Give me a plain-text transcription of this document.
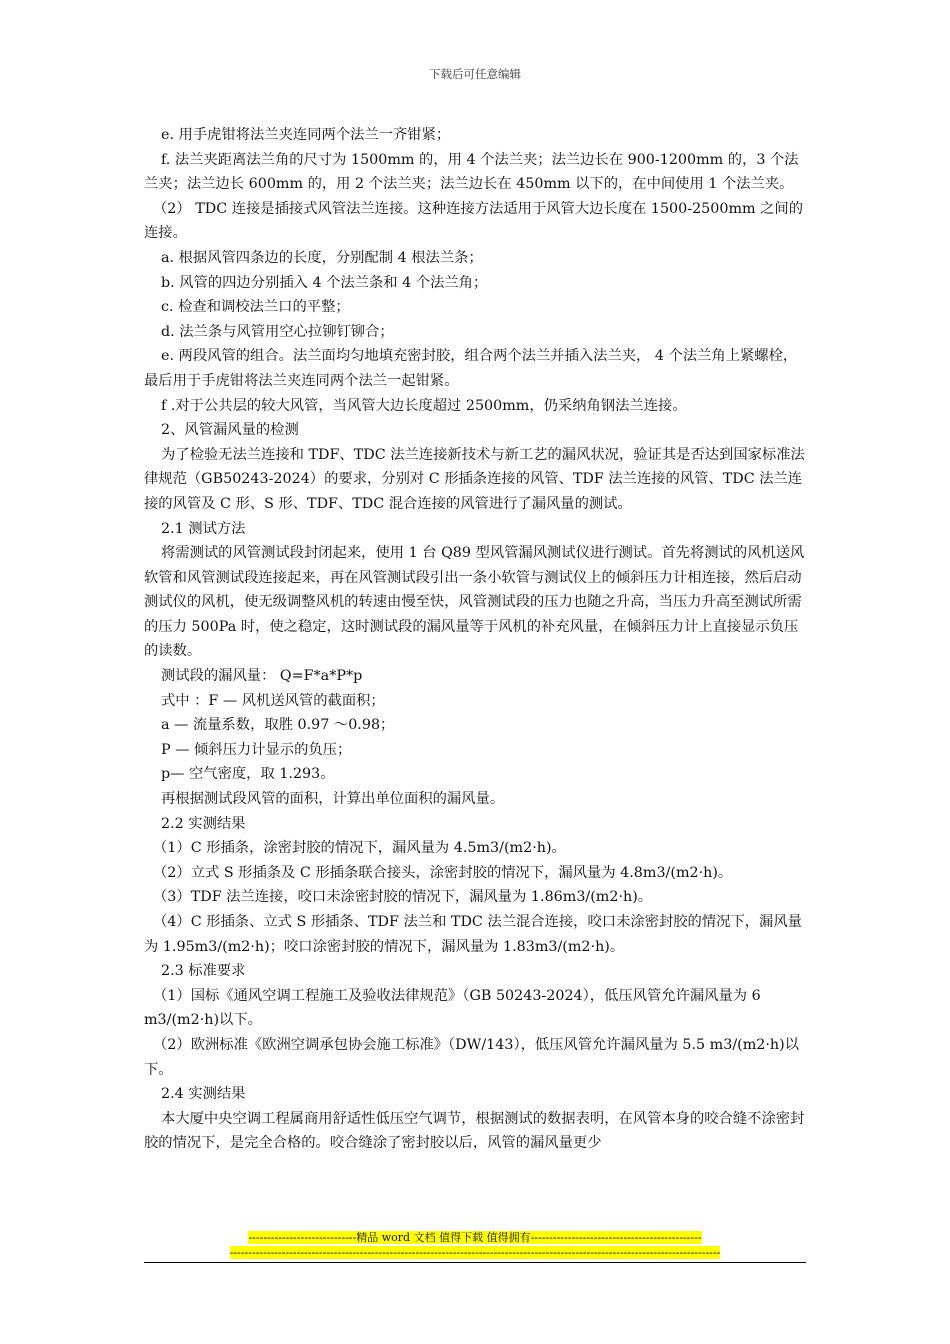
下载后可任意编辑

e. 用手虎钳将法兰夹连同两个法兰一齐钳紧；

f. 法兰夹距离法兰角的尺寸为 1500mm 的，用 4 个法兰夹；法兰边长在 900-1200mm 的，3 个法兰夹；法兰边长 600mm 的，用 2 个法兰夹；法兰边长在 450mm 以下的，在中间使用 1 个法兰夹。

（2） TDC 连接是插接式风管法兰连接。这种连接方法适用于风管大边长度在 1500-2500mm 之间的连接。

a. 根据风管四条边的长度，分别配制 4 根法兰条；

b. 风管的四边分别插入 4 个法兰条和 4 个法兰角；

c. 检查和调校法兰口的平整；

d. 法兰条与风管用空心拉铆钉铆合；

e. 两段风管的组合。法兰面均匀地填充密封胶，组合两个法兰并插入法兰夹， 4 个法兰角上紧螺栓，最后用于手虎钳将法兰夹连同两个法兰一起钳紧。

f .对于公共层的较大风管，当风管大边长度超过 2500mm，仍采纳角钢法兰连接。

2、风管漏风量的检测

为了检验无法兰连接和 TDF、TDC 法兰连接新技术与新工艺的漏风状况，验证其是否达到国家标准法律规范（GB50243-2024）的要求，分别对 C 形插条连接的风管、TDF 法兰连接的风管、TDC 法兰连接的风管及 C 形、S 形、TDF、TDC 混合连接的风管进行了漏风量的测试。

2.1 测试方法

将需测试的风管测试段封闭起来，使用 1 台 Q89 型风管漏风测试仪进行测试。首先将测试的风机送风软管和风管测试段连接起来，再在风管测试段引出一条小软管与测试仪上的倾斜压力计相连接，然后启动测试仪的风机，使无级调整风机的转速由慢至快，风管测试段的压力也随之升高，当压力升高至测试所需的压力 500Pa 时，使之稳定，这时测试段的漏风量等于风机的补充风量，在倾斜压力计上直接显示负压的读数。

测试段的漏风量： Q=F*a*P*p

式中 ：F — 风机送风管的截面积；

a — 流量系数，取胜 0.97 ～0.98；

P — 倾斜压力计显示的负压；

p— 空气密度，取 1.293。

再根据测试段风管的面积，计算出单位面积的漏风量。

2.2 实测结果

（1）C 形插条，涂密封胶的情况下，漏风量为 4.5m3/(m2·h)。

（2）立式 S 形插条及 C 形插条联合接头，涂密封胶的情况下，漏风量为 4.8m3/(m2·h)。

（3）TDF 法兰连接，咬口未涂密封胶的情况下，漏风量为 1.86m3/(m2·h)。

（4）C 形插条、立式 S 形插条、TDF 法兰和 TDC 法兰混合连接，咬口未涂密封胶的情况下，漏风量为 1.95m3/(m2·h)；咬口涂密封胶的情况下，漏风量为 1.83m3/(m2·h)。

2.3 标准要求

（1）国标《通风空调工程施工及验收法律规范》（GB 50243-2024），低压风管允许漏风量为 6 m3/(m2·h)以下。

（2）欧洲标准《欧洲空调承包协会施工标准》（DW/143），低压风管允许漏风量为 5.5 m3/(m2·h)以下。

2.4 实测结果

本大厦中央空调工程属商用舒适性低压空气调节，根据测试的数据表明，在风管本身的咬合缝不涂密封胶的情况下，是完全合格的。咬合缝涂了密封胶以后，风管的漏风量更少

-----------------------------精品 word 文档 值得下载 值得拥有----------------------------------------------
------------------------------------------------------------------------------------------------------------------------------------
